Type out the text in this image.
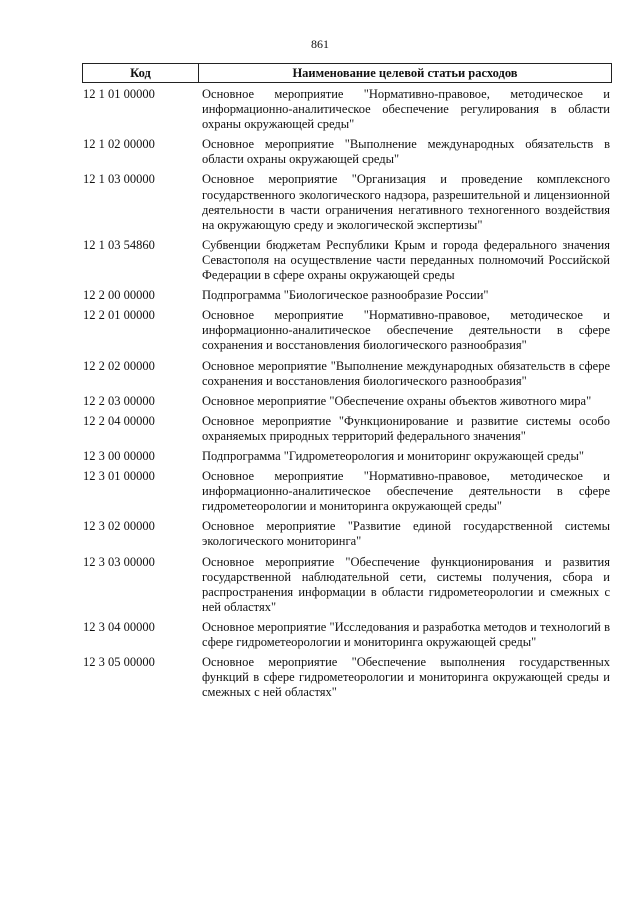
861
Код	Наименование целевой статьи расходов
12 1 01 00000	Основное мероприятие "Нормативно-правовое, методическое и информационно-аналитическое обеспечение регулирования в области охраны окружающей среды"
12 1 02 00000	Основное мероприятие "Выполнение международных обязательств в области охраны окружающей среды"
12 1 03 00000	Основное мероприятие "Организация и проведение комплексного государственного экологического надзора, разрешительной и лицензионной деятельности в части ограничения негативного техногенного воздействия на окружающую среду и экологической экспертизы"
12 1 03 54860	Субвенции бюджетам Республики Крым и города федерального значения Севастополя на осуществление части переданных полномочий Российской Федерации в сфере охраны окружающей среды
12 2 00 00000	Подпрограмма "Биологическое разнообразие России"
12 2 01 00000	Основное мероприятие "Нормативно-правовое, методическое и информационно-аналитическое обеспечение деятельности в сфере сохранения и восстановления биологического разнообразия"
12 2 02 00000	Основное мероприятие "Выполнение международных обязательств в сфере сохранения и восстановления биологического разнообразия"
12 2 03 00000	Основное мероприятие "Обеспечение охраны объектов животного мира"
12 2 04 00000	Основное мероприятие "Функционирование и развитие системы особо охраняемых природных территорий федерального значения"
12 3 00 00000	Подпрограмма "Гидрометеорология и мониторинг окружающей среды"
12 3 01 00000	Основное мероприятие "Нормативно-правовое, методическое и информационно-аналитическое обеспечение деятельности в сфере гидрометеорологии и мониторинга окружающей среды"
12 3 02 00000	Основное мероприятие "Развитие единой государственной системы экологического мониторинга"
12 3 03 00000	Основное мероприятие "Обеспечение функционирования и развития государственной наблюдательной сети, системы получения, сбора и распространения информации в области гидрометеорологии и смежных с ней областях"
12 3 04 00000	Основное мероприятие "Исследования и разработка методов и технологий в сфере гидрометеорологии и мониторинга окружающей среды"
12 3 05 00000	Основное мероприятие "Обеспечение выполнения государственных функций в сфере гидрометеорологии и мониторинга окружающей среды и смежных с ней областях"
